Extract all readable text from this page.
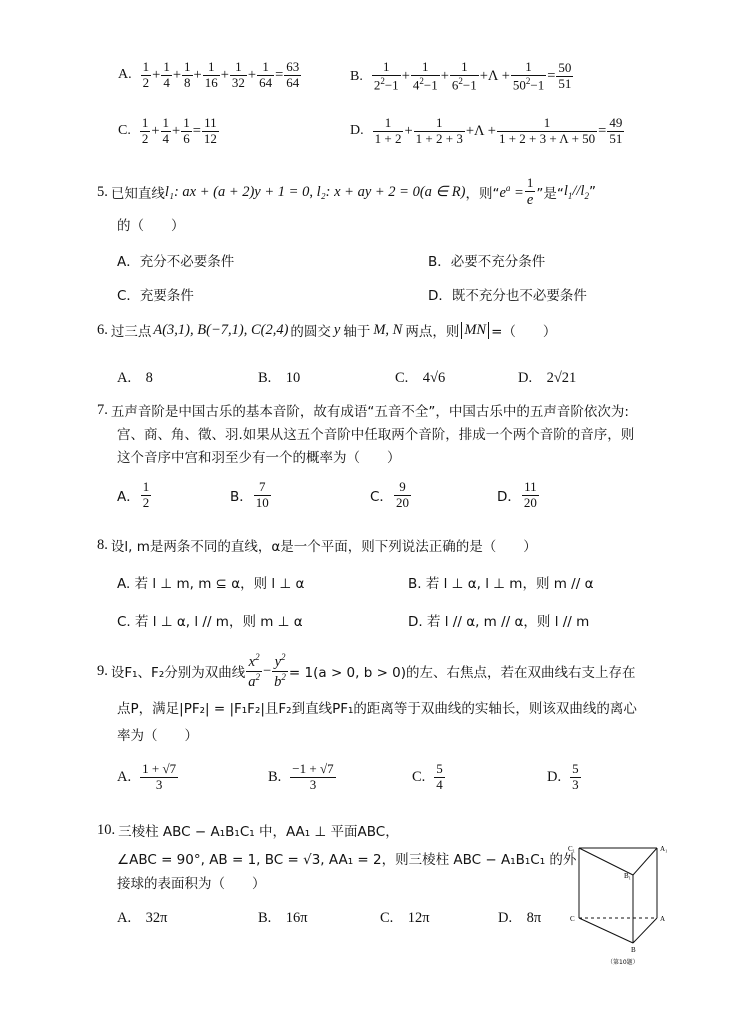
A. $\frac{1}{2} + \frac{1}{4} + \frac{1}{8} + \frac{1}{16} + \frac{1}{32} + \frac{1}{64} = \frac{63}{64}$	B. $\frac{1}{2^2-1} + \frac{1}{4^2-1} + \frac{1}{6^2-1} +\Lambda + \frac{1}{50^2-1} = \frac{50}{51}$
C. $\frac{1}{2} + \frac{1}{4} + \frac{1}{6} = \frac{11}{12}$	D. $\frac{1}{1 + 2} + \frac{1}{1 + 2 + 3} +\Lambda + \frac{1}{1 + 2 + 3 + \Lambda + 50} = \frac{49}{51}$
5. 已知直线 l₁: ax + (a + 2)y + 1 = 0 , l₂: x + ay + 2 = 0(a ∈ R) ，则“ $e^a = \frac{1}{e}$ ”是“ $l_1//l_2$ ”
的（　　）
A．充分不必要条件	B．必要不充分条件
C．充要条件	D．既不充分也不必要条件
6. 过三点 A(3,1), B(−7,1), C(2,4) 的圆交 y 轴于 M, N 两点，则 MN =（　　）
A.　8	B.　10	C.　4√6	D.　2√21
7. 五声音阶是中国古乐的基本音阶，故有成语“五音不全”，中国古乐中的五声音阶依次为:
宫、商、角、徵、羽.如果从这五个音阶中任取两个音阶，排成一个两个音阶的音序，则
这个音序中宫和羽至少有一个的概率为（　　）
A． $\frac{1}{2}$	B． $\frac{7}{10}$	C． $\frac{9}{20}$	D． $\frac{11}{20}$
8. 设l, m是两条不同的直线，α是一个平面，则下列说法正确的是（　　）
A. 若 l ⊥ m, m ⊆ α，则 l ⊥ α	B. 若 l ⊥ α, l ⊥ m，则 m // α
C. 若 l ⊥ α, l // m，则 m ⊥ α	D. 若 l // α, m // α，则 l // m
9. 设F₁、F₂分别为双曲线 $\frac{x^2}{a^2} - \frac{y^2}{b^2} = 1(a > 0$, b > 0)的左、右焦点，若在双曲线右支上存在
点P，满足|PF₂| = |F₁F₂|且F₂到直线PF₁的距离等于双曲线的实轴长，则该双曲线的离心
率为（　　）
A. $\frac{1 + √7}{3}$	B. $\frac{-1 + √7}{3}$	C. $\frac{5}{4}$	D. $\frac{5}{3}$
10. 三棱柱 ABC − A₁B₁C₁ 中，AA₁ ⊥ 平面ABC，
∠ABC = 90°, AB = 1, BC = √3, AA₁ = 2，则三棱柱 ABC − A₁B₁C₁ 的外
接球的表面积为（　　）
A.　32π	B.　16π	C.　12π	D.　8π
C₁	A₁
B₁
C	A
B
（第10题）
